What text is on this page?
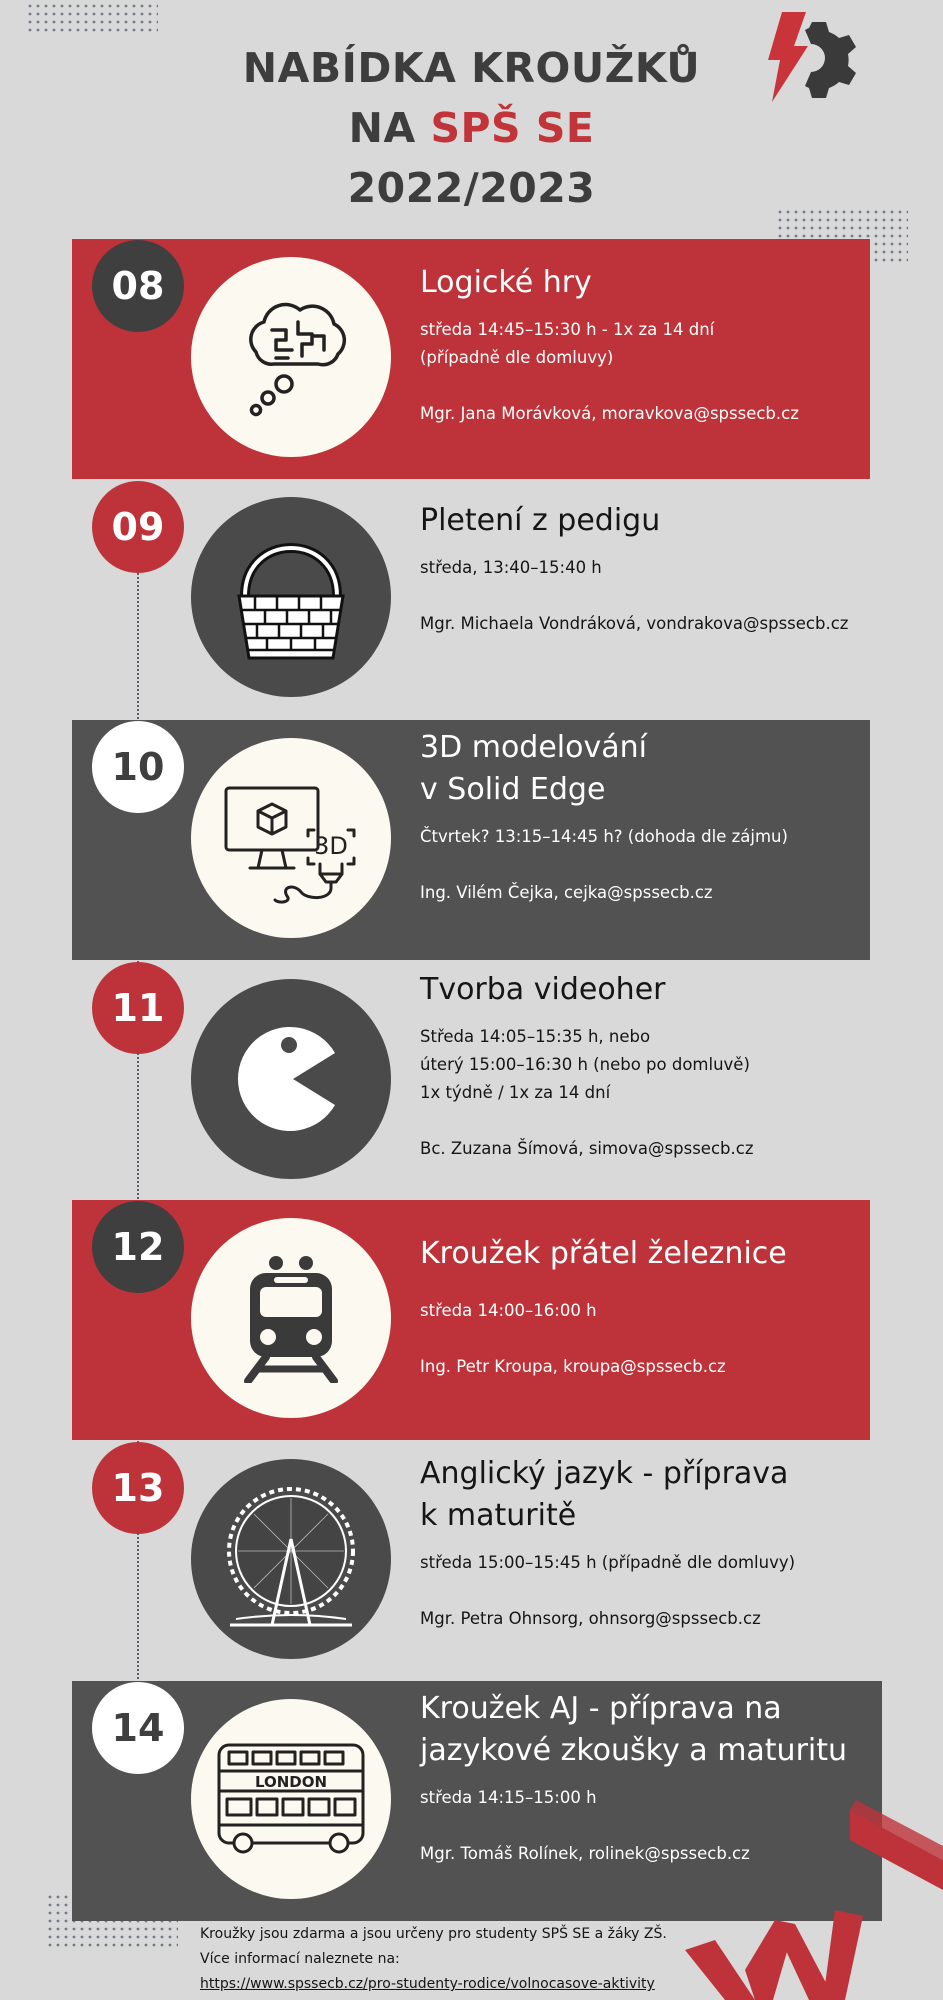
NABÍDKA KROUŽKŮ
NA SPŠ SE
2022/2023
08	Logické hry

středa 14:45–15:30 h - 1x za 14 dní

(případně dle domluvy)

Mgr. Jana Morávková, moravkova@spssecb.cz

09	Pletení z pedigu

středa, 13:40–15:40 h

Mgr. Michaela Vondráková, vondrakova@spssecb.cz

10
3D
3D modelování
v Solid Edge

Čtvrtek? 13:15–14:45 h? (dohoda dle zájmu)

Ing. Vilém Čejka, cejka@spssecb.cz

11	Tvorba videoher

Středa 14:05–15:35 h, nebo

úterý 15:00–16:30 h (nebo po domluvě)

1x týdně / 1x za 14 dní

Bc. Zuzana Šímová, simova@spssecb.cz

12	Kroužek přátel železnice

středa 14:00–16:00 h

Ing. Petr Kroupa, kroupa@spssecb.cz

13	Anglický jazyk - příprava
k maturitě

středa 15:00–15:45 h (případně dle domluvy)

Mgr. Petra Ohnsorg, ohnsorg@spssecb.cz

14
LONDON
Kroužek AJ - příprava na
jazykové zkoušky a maturitu

středa 14:15–15:00 h

Mgr. Tomáš Rolínek, rolinek@spssecb.cz

Kroužky jsou zdarma a jsou určeny pro studenty SPŠ SE a žáky ZŠ.
Více informací naleznete na:
https://www.spssecb.cz/pro-studenty-rodice/volnocasove-aktivity
